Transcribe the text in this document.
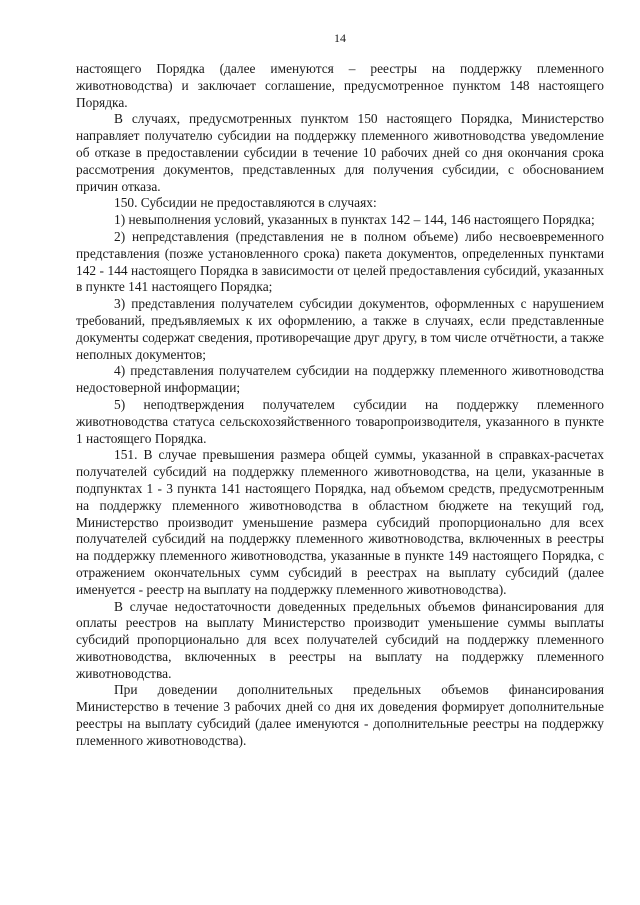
14

настоящего Порядка (далее именуются – реестры на поддержку племенного животноводства) и заключает соглашение, предусмотренное пунктом 148 настоящего Порядка.

В случаях, предусмотренных пунктом 150 настоящего Порядка, Министерство направляет получателю субсидии на поддержку племенного животноводства уведомление об отказе в предоставлении субсидии в течение 10 рабочих дней со дня окончания срока рассмотрения документов, представленных для получения субсидии, с обоснованием причин отказа.

150. Субсидии не предоставляются в случаях:

1) невыполнения условий, указанных в пунктах 142 – 144, 146 настоящего Порядка;

2) непредставления (представления не в полном объеме) либо несвоевременного представления (позже установленного срока) пакета документов, определенных пунктами 142 - 144 настоящего Порядка в зависимости от целей предоставления субсидий, указанных в пункте 141 настоящего Порядка;

3) представления получателем субсидии документов, оформленных с нарушением требований, предъявляемых к их оформлению, а также в случаях, если представленные документы содержат сведения, противоречащие друг другу, в том числе отчётности, а также неполных документов;

4) представления получателем субсидии на поддержку племенного животноводства недостоверной информации;

5) неподтверждения получателем субсидии на поддержку племенного животноводства статуса сельскохозяйственного товаропроизводителя, указанного в пункте 1 настоящего Порядка.

151. В случае превышения размера общей суммы, указанной в справках-расчетах получателей субсидий на поддержку племенного животноводства, на цели, указанные в подпунктах 1 - 3 пункта 141 настоящего Порядка, над объемом средств, предусмотренным на поддержку племенного животноводства в областном бюджете на текущий год, Министерство производит уменьшение размера субсидий пропорционально для всех получателей субсидий на поддержку племенного животноводства, включенных в реестры на поддержку племенного животноводства, указанные в пункте 149 настоящего Порядка, с отражением окончательных сумм субсидий в реестрах на выплату субсидий (далее именуется - реестр на выплату на поддержку племенного животноводства).

В случае недостаточности доведенных предельных объемов финансирования для оплаты реестров на выплату Министерство производит уменьшение суммы выплаты субсидий пропорционально для всех получателей субсидий на поддержку племенного животноводства, включенных в реестры на выплату на поддержку племенного животноводства.

При доведении дополнительных предельных объемов финансирования Министерство в течение 3 рабочих дней со дня их доведения формирует дополнительные реестры на выплату субсидий (далее именуются - дополнительные реестры на поддержку племенного животноводства).
